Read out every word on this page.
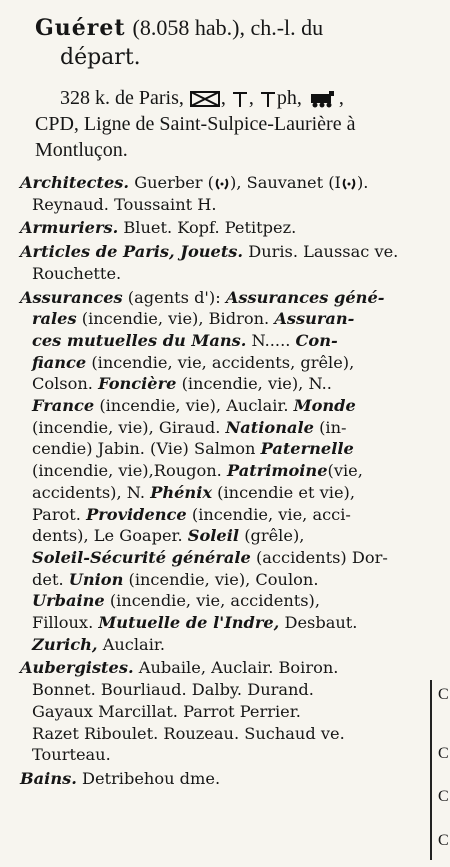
Guéret (8.058 hab.), ch.-l. du
départ.
328 k. de Paris, , , ph, ,
CPD, Ligne de Saint-Sulpice-Laurière à
Montluçon.
Architectes. Guerber ( ), Sauvanet (I ).
Reynaud. Toussaint H.
Armuriers. Bluet. Kopf. Petitpez.
Articles de Paris, Jouets. Duris. Laussac ve.
Rouchette.
Assurances (agents d'): Assurances géné-
rales (incendie, vie), Bidron. Assuran-
ces mutuelles du Mans. N..... Con-
fiance (incendie, vie, accidents, grêle),
Colson. Foncière (incendie, vie), N..
France (incendie, vie), Auclair. Monde
(incendie, vie), Giraud. Nationale (in-
cendie) Jabin. (Vie) Salmon Paternelle
(incendie, vie),Rougon. Patrimoine(vie,
accidents), N. Phénix (incendie et vie),
Parot. Providence (incendie, vie, acci-
dents), Le Goaper. Soleil (grêle),
Soleil-Sécurité générale (accidents) Dor-
det. Union (incendie, vie), Coulon.
Urbaine (incendie, vie, accidents),
Filloux. Mutuelle de l'Indre, Desbaut.
Zurich, Auclair.
Aubergistes. Aubaile, Auclair. Boiron.
Bonnet. Bourliaud. Dalby. Durand.
Gayaux Marcillat. Parrot Perrier.
Razet Riboulet. Rouzeau. Suchaud ve.
Tourteau.
Bains. Detribehou dme.
C
C
C
C
